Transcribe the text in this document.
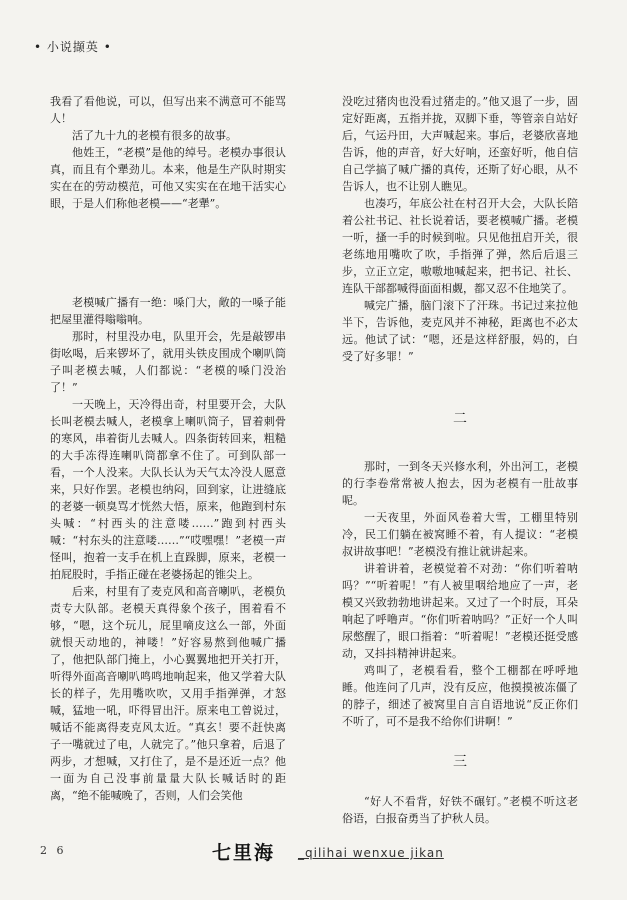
• 小说撷英 •

我看了看他说，可以，但写出来不满意可不能骂人！

活了九十九的老模有很多的故事。

他姓王，“老模”是他的绰号。老模办事很认真，而且有个犟劲儿。本来，他是生产队时期实实在在的劳动模范，可他又实实在在地干活实心眼，于是人们称他老模——“老犟”。

老模喊广播有一绝：嗓门大，敞的一嗓子能把屋里灌得嗡嗡响。

那时，村里没办电，队里开会，先是敲锣串街吆喝，后来锣坏了，就用头铁皮围成个喇叭筒子叫老模去喊，人们都说：“老模的嗓门没治了！”

一天晚上，天冷得出奇，村里要开会，大队长叫老模去喊人，老模拿上喇叭筒子，冒着刺骨的寒风，串着街儿去喊人。四条街转回来，粗糙的大手冻得连喇叭筒都拿不住了。可到队部一看，一个人没来。大队长认为天气太冷没人愿意来，只好作罢。老模也纳闷，回到家，让进缝底的老婆一顿臭骂才恍然大悟，原来，他跑到村东头喊：“村西头的注意喽……”跑到村西头喊：“村东头的注意喽……”“哎嘿嘿！”老模一声怪叫，抱着一支手在机上直跺脚，原来，老模一拍屁股时，手指正碰在老婆扬起的锥尖上。

后来，村里有了麦克风和高音喇叭，老模负责专大队部。老模天真得象个孩子，围着看不够，“嗯，这个玩儿，屁里嘀皮这么一部，外面就恨天动地的，神喽！”好容易熬到他喊广播了，他把队部门掩上，小心翼翼地把开关打开，听得外面高音喇叭鸣鸣地响起来，他又学着大队长的样子，先用嘴吹吹，又用手指弹弹，才怒喊，猛地一吼，吓得冒出汗。原来电工曾说过，喊话不能离得麦克风太近。“真玄！要不赶快离子一嘴就过了电，人就完了。”他只拿着，后退了两步，才想喊，又打住了，是不是还近一点？他一面为自己没事前量量大队长喊话时的距离，“绝不能喊晚了，否则，人们会笑他

没吃过猪肉也没看过猪走的。”他又退了一步，固定好距离，五指并拢，双脚下垂，等管亲自站好后，气运丹田，大声喊起来。事后，老婆欣喜地告诉，他的声音，好大好响，还蛮好听，他自信自己学搞了喊广播的真传，还斯了好心眼，从不告诉人，也不让别人瞧见。

也凑巧，年底公社在村召开大会，大队长陪着公社书记、社长说着话，要老模喊广播。老模一听，搔一手的时候到啦。只见他扭启开关，很老练地用嘴吹了吹，手指弹了弹，然后后退三步，立正立定，嗷嗷地喊起来，把书记、社长、连队干部都喊得面面相觑，都又忍不住地笑了。

喊完广播，脑门滚下了汗珠。书记过来拉他半下，告诉他，麦克风并不神秘，距离也不必太远。他试了试：“嗯，还是这样舒服，妈的，白受了好多罪！”

二

那时，一到冬天兴修水利，外出河工，老模的行李卷常常被人抱去，因为老模有一肚故事呢。

一天夜里，外面风卷着大雪，工棚里特别冷，民工们躺在被窝睡不着，有人提议：“老模叔讲故事吧！”老模没有推让就讲起来。

讲着讲着，老模觉着不对劲：“你们听着呐吗？”“听着呢！”有人被里咽给地应了一声，老模又兴致勃勃地讲起来。又过了一个时辰，耳朵响起了呼噜声。“你们听着呐吗？”正好一个人叫尿憋醒了，眼口指着：“听着呢！”老模还挺受感动，又抖抖精神讲起来。

鸡叫了，老模看看，整个工棚都在呼呼地睡。他连问了几声，没有反应，他摸摸被冻僵了的脖子，细述了被窝里自言自语地说“反正你们不听了，可不是我不给你们讲啊！”

三

“好人不看背，好铁不碾钉。”老模不听这老俗语，白报奋勇当了护秋人员。

2 6	七里海 _qilihai wenxue jikan
